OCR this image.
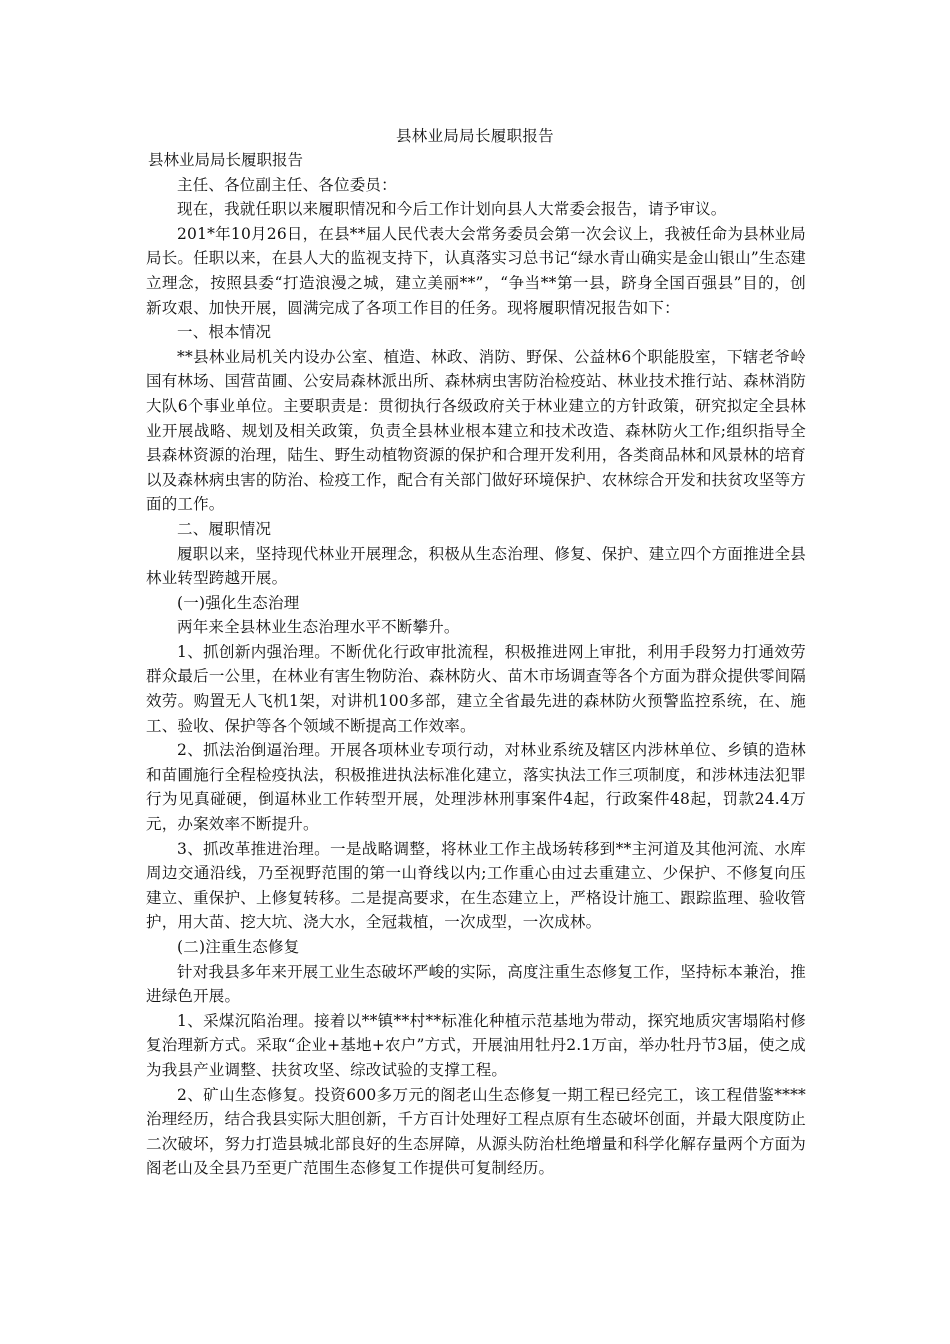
县林业局局长履职报告

县林业局局长履职报告

主任、各位副主任、各位委员：

现在，我就任职以来履职情况和今后工作计划向县人大常委会报告，请予审议。

201*年10月26日，在县**届人民代表大会常务委员会第一次会议上，我被任命为县林业局局长。任职以来，在县人大的监视支持下，认真落实习总书记“绿水青山确实是金山银山”生态建立理念，按照县委“打造浪漫之城，建立美丽**”，“争当**第一县，跻身全国百强县”目的，创新攻艰、加快开展，圆满完成了各项工作目的任务。现将履职情况报告如下：

一、根本情况

**县林业局机关内设办公室、植造、林政、消防、野保、公益林6个职能股室，下辖老爷岭国有林场、国营苗圃、公安局森林派出所、森林病虫害防治检疫站、林业技术推行站、森林消防大队6个事业单位。主要职责是：贯彻执行各级政府关于林业建立的方针政策，研究拟定全县林业开展战略、规划及相关政策，负责全县林业根本建立和技术改造、森林防火工作;组织指导全县森林资源的治理，陆生、野生动植物资源的保护和合理开发利用，各类商品林和风景林的培育以及森林病虫害的防治、检疫工作，配合有关部门做好环境保护、农林综合开发和扶贫攻坚等方面的工作。

二、履职情况

履职以来，坚持现代林业开展理念，积极从生态治理、修复、保护、建立四个方面推进全县林业转型跨越开展。

(一)强化生态治理

两年来全县林业生态治理水平不断攀升。

1、抓创新内强治理。不断优化行政审批流程，积极推进网上审批，利用手段努力打通效劳群众最后一公里，在林业有害生物防治、森林防火、苗木市场调查等各个方面为群众提供零间隔效劳。购置无人飞机1架，对讲机100多部，建立全省最先进的森林防火预警监控系统，在、施工、验收、保护等各个领域不断提高工作效率。

2、抓法治倒逼治理。开展各项林业专项行动，对林业系统及辖区内涉林单位、乡镇的造林和苗圃施行全程检疫执法，积极推进执法标准化建立，落实执法工作三项制度，和涉林违法犯罪行为见真碰硬，倒逼林业工作转型开展，处理涉林刑事案件4起，行政案件48起，罚款24.4万元，办案效率不断提升。

3、抓改革推进治理。一是战略调整，将林业工作主战场转移到**主河道及其他河流、水库周边交通沿线，乃至视野范围的第一山脊线以内;工作重心由过去重建立、少保护、不修复向压建立、重保护、上修复转移。二是提高要求，在生态建立上，严格设计施工、跟踪监理、验收管护，用大苗、挖大坑、浇大水，全冠栽植，一次成型，一次成林。

(二)注重生态修复

针对我县多年来开展工业生态破坏严峻的实际，高度注重生态修复工作，坚持标本兼治，推进绿色开展。

1、采煤沉陷治理。接着以**镇**村**标准化种植示范基地为带动，探究地质灾害塌陷村修复治理新方式。采取“企业+基地+农户”方式，开展油用牡丹2.1万亩，举办牡丹节3届，使之成为我县产业调整、扶贫攻坚、综改试验的支撑工程。

2、矿山生态修复。投资600多万元的阁老山生态修复一期工程已经完工，该工程借鉴****治理经历，结合我县实际大胆创新，千方百计处理好工程点原有生态破坏创面，并最大限度防止二次破坏，努力打造县城北部良好的生态屏障，从源头防治杜绝增量和科学化解存量两个方面为阁老山及全县乃至更广范围生态修复工作提供可复制经历。
